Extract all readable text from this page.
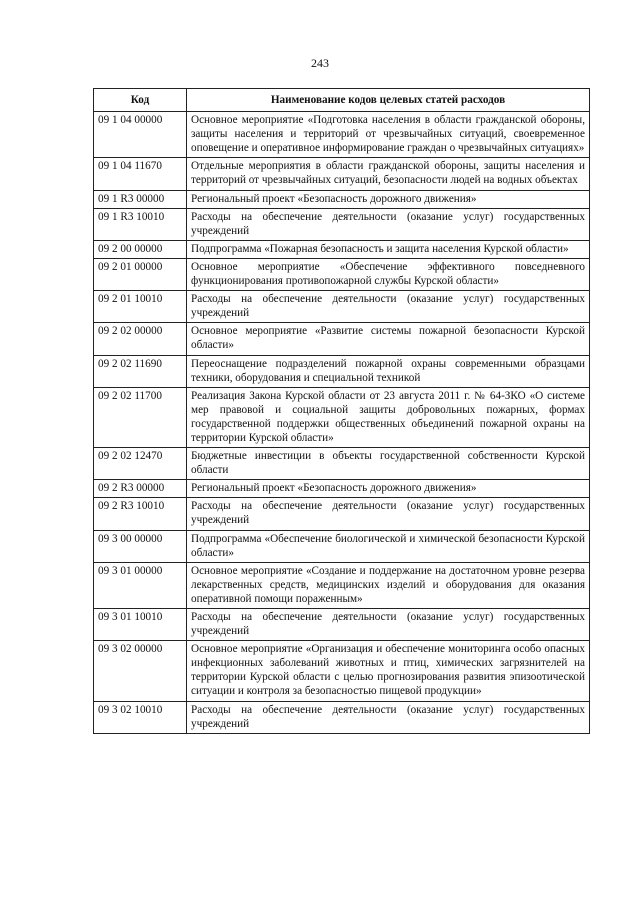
243
Код	Наименование кодов целевых статей расходов
09 1 04 00000	Основное мероприятие «Подготовка населения в области гражданской обороны, защиты населения и территорий от чрезвычайных ситуаций, своевременное оповещение и оперативное информирование граждан о чрезвычайных ситуациях»
09 1 04 11670	Отдельные мероприятия в области гражданской обороны, защиты населения и территорий от чрезвычайных ситуаций, безопасности людей на водных объектах
09 1 R3 00000	Региональный проект «Безопасность дорожного движения»
09 1 R3 10010	Расходы на обеспечение деятельности (оказание услуг) государственных учреждений
09 2 00 00000	Подпрограмма «Пожарная безопасность и защита населения Курской области»
09 2 01 00000	Основное мероприятие «Обеспечение эффективного повседневного функционирования противопожарной службы Курской области»
09 2 01 10010	Расходы на обеспечение деятельности (оказание услуг) государственных учреждений
09 2 02 00000	Основное мероприятие «Развитие системы пожарной безопасности Курской области»
09 2 02 11690	Переоснащение подразделений пожарной охраны современными образцами техники, оборудования и специальной техникой
09 2 02 11700	Реализация Закона Курской области от 23 августа 2011 г. № 64-ЗКО «О системе мер правовой и социальной защиты добровольных пожарных, формах государственной поддержки общественных объединений пожарной охраны на территории Курской области»
09 2 02 12470	Бюджетные инвестиции в объекты государственной собственности Курской области
09 2 R3 00000	Региональный проект «Безопасность дорожного движения»
09 2 R3 10010	Расходы на обеспечение деятельности (оказание услуг) государственных учреждений
09 3 00 00000	Подпрограмма «Обеспечение биологической и химической безопасности Курской области»
09 3 01 00000	Основное мероприятие «Создание и поддержание на достаточном уровне резерва лекарственных средств, медицинских изделий и оборудования для оказания оперативной помощи пораженным»
09 3 01 10010	Расходы на обеспечение деятельности (оказание услуг) государственных учреждений
09 3 02 00000	Основное мероприятие «Организация и обеспечение мониторинга особо опасных инфекционных заболеваний животных и птиц, химических загрязнителей на территории Курской области с целью прогнозирования развития эпизоотической ситуации и контроля за безопасностью пищевой продукции»
09 3 02 10010	Расходы на обеспечение деятельности (оказание услуг) государственных учреждений
